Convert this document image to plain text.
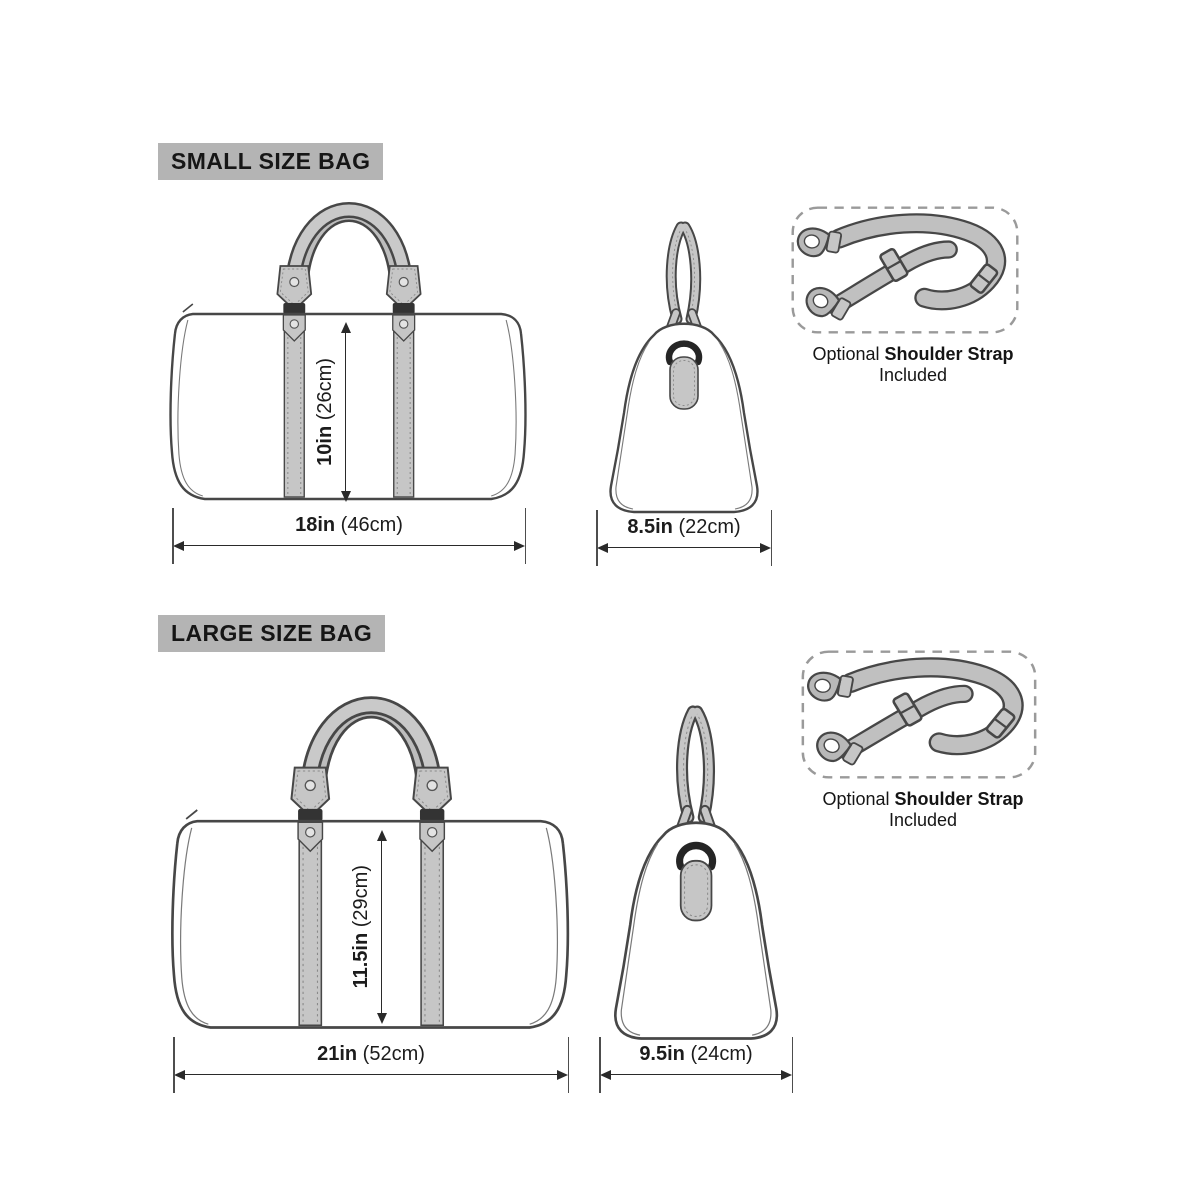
SMALL SIZE BAG
10in (26cm)
18in (46cm)	8.5in (22cm)
Optional Shoulder Strap Included
LARGE SIZE BAG
11.5in (29cm)
21in (52cm)	9.5in (24cm)
Optional Shoulder Strap Included
